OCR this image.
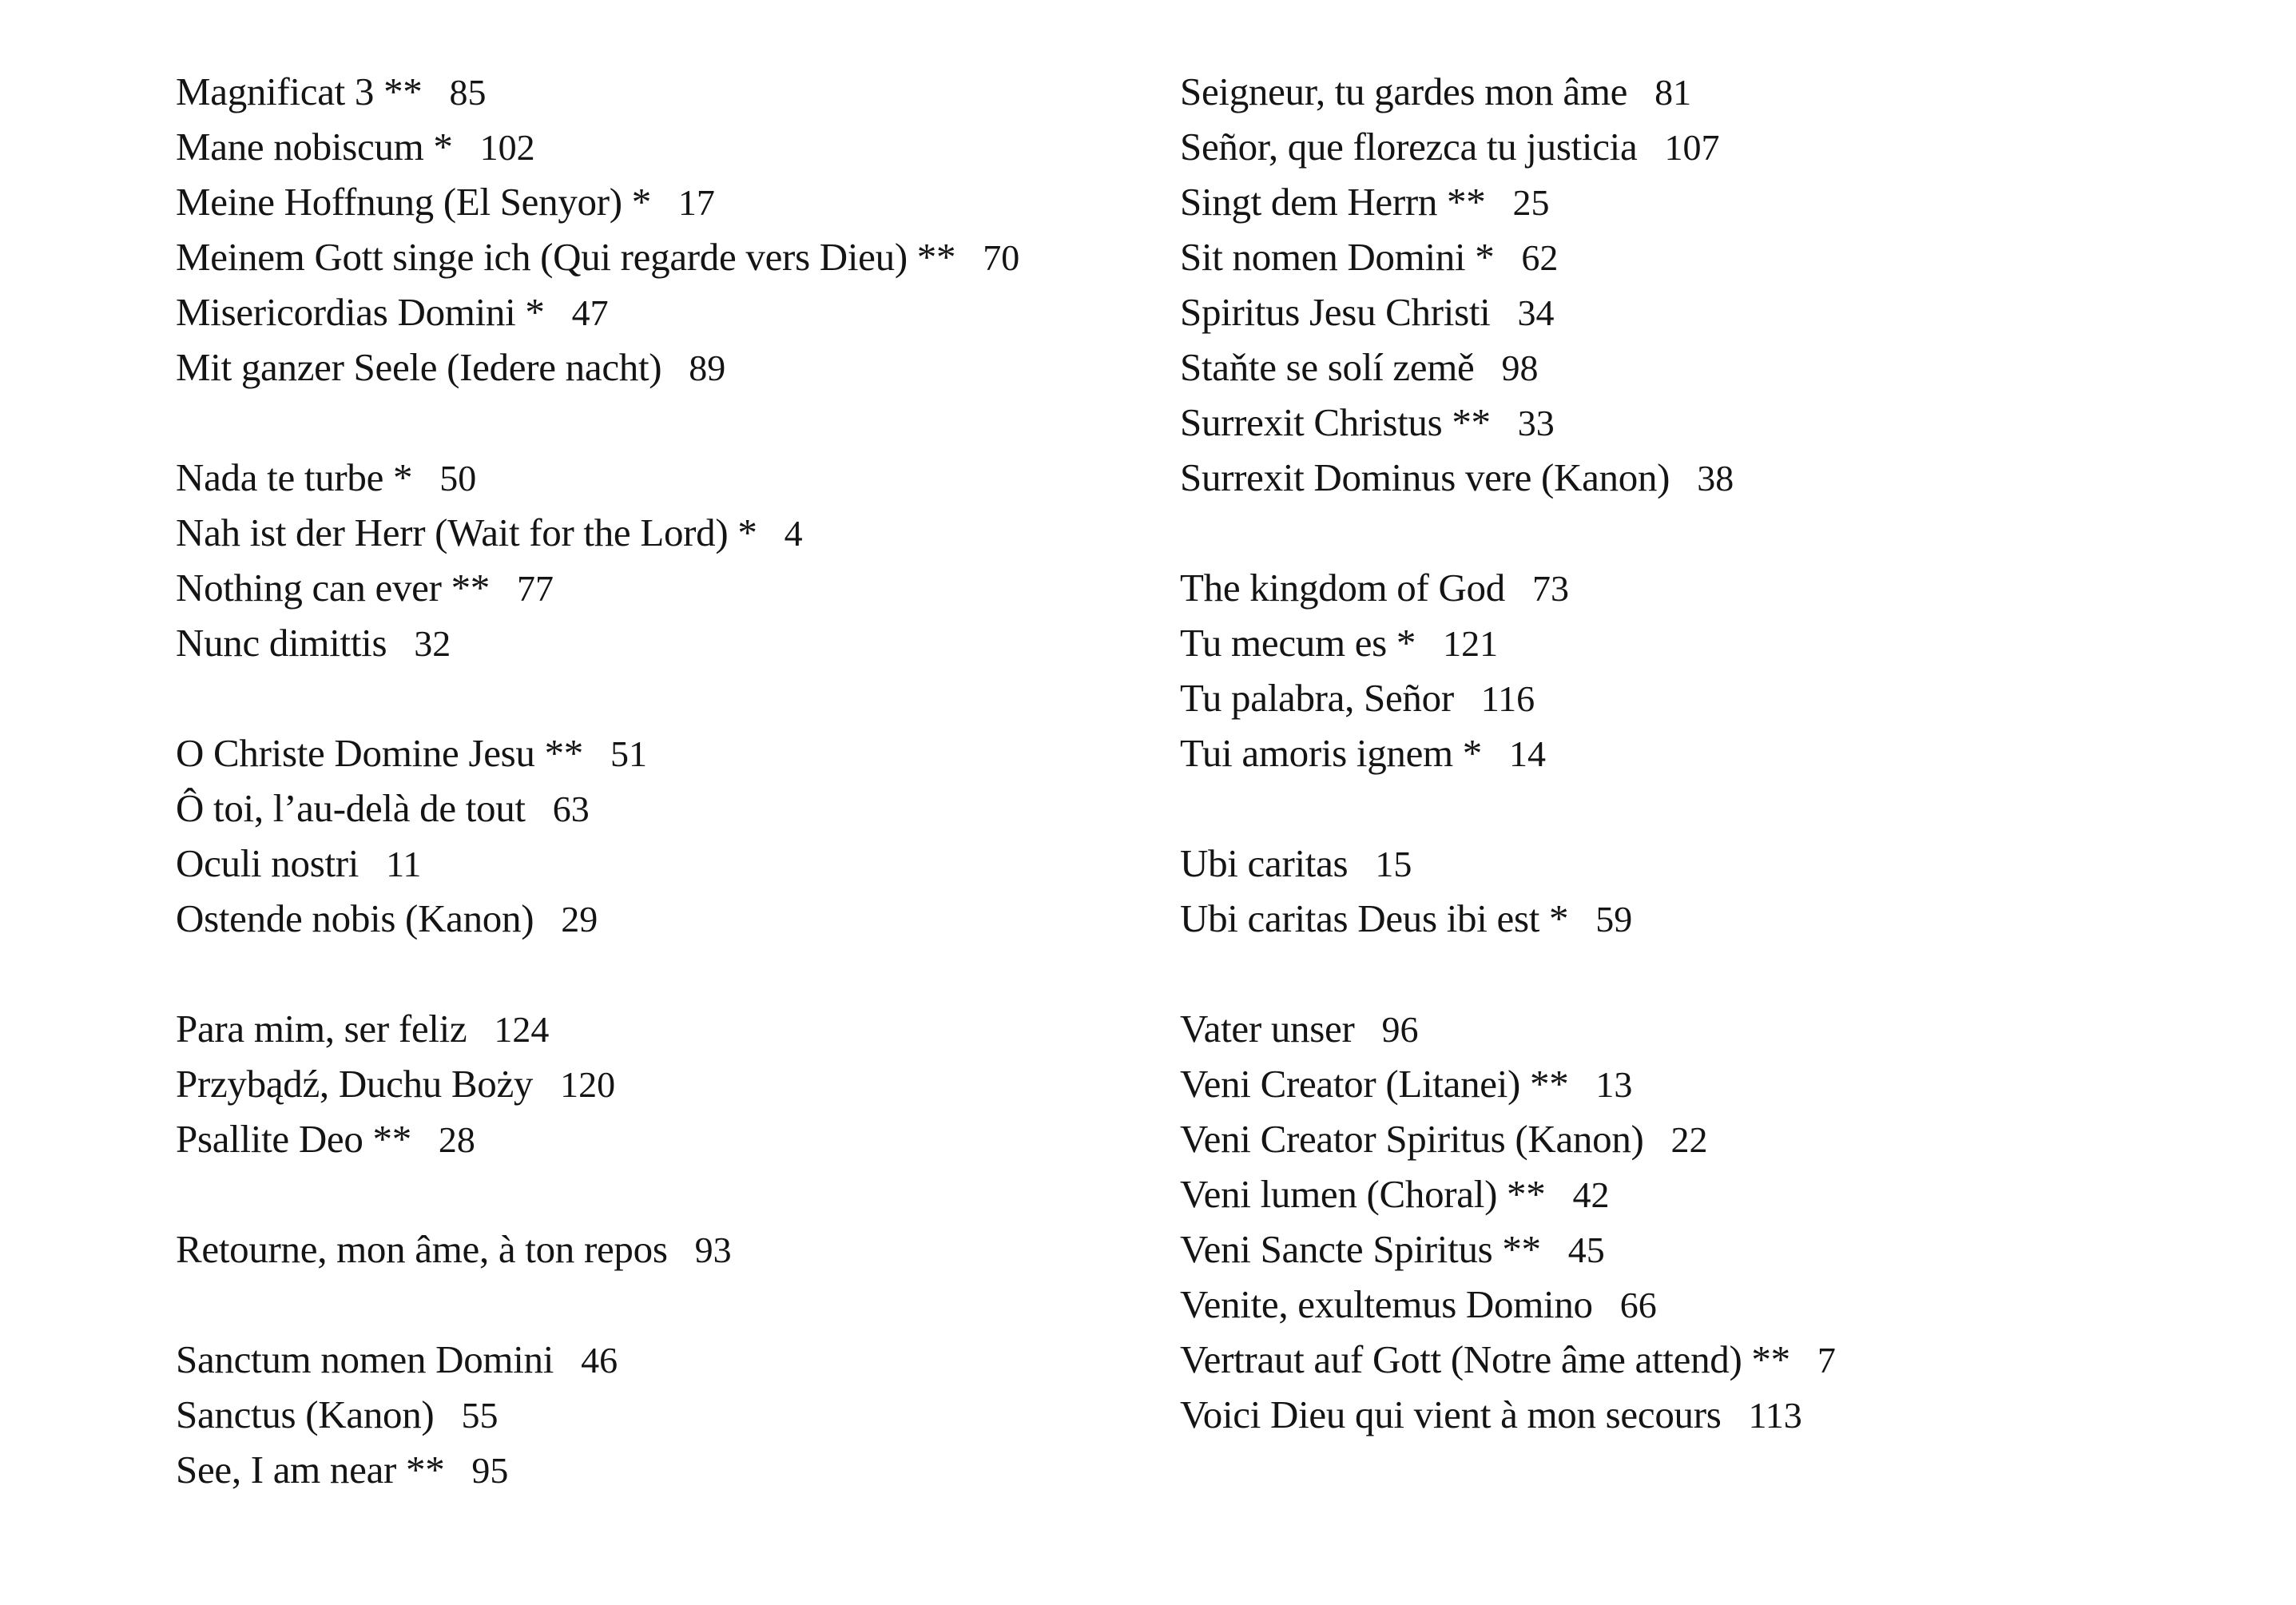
Magnificat 3 ** 85
Mane nobiscum * 102
Meine Hoffnung (El Senyor) * 17
Meinem Gott singe ich (Qui regarde vers Dieu) ** 70
Misericordias Domini * 47
Mit ganzer Seele (Iedere nacht) 89
Nada te turbe * 50
Nah ist der Herr (Wait for the Lord) * 4
Nothing can ever ** 77
Nunc dimittis 32
O Christe Domine Jesu ** 51
Ô toi, l’au-delà de tout 63
Oculi nostri 11
Ostende nobis (Kanon) 29
Para mim, ser feliz 124
Przybądź, Duchu Boży 120
Psallite Deo ** 28
Retourne, mon âme, à ton repos 93
Sanctum nomen Domini 46
Sanctus (Kanon) 55
See, I am near ** 95
Seigneur, tu gardes mon âme 81
Señor, que florezca tu justicia 107
Singt dem Herrn ** 25
Sit nomen Domini * 62
Spiritus Jesu Christi 34
Staňte se solí země 98
Surrexit Christus ** 33
Surrexit Dominus vere (Kanon) 38
The kingdom of God 73
Tu mecum es * 121
Tu palabra, Señor 116
Tui amoris ignem * 14
Ubi caritas 15
Ubi caritas Deus ibi est * 59
Vater unser 96
Veni Creator (Litanei) ** 13
Veni Creator Spiritus (Kanon) 22
Veni lumen (Choral) ** 42
Veni Sancte Spiritus ** 45
Venite, exultemus Domino 66
Vertraut auf Gott (Notre âme attend) ** 7
Voici Dieu qui vient à mon secours 113
